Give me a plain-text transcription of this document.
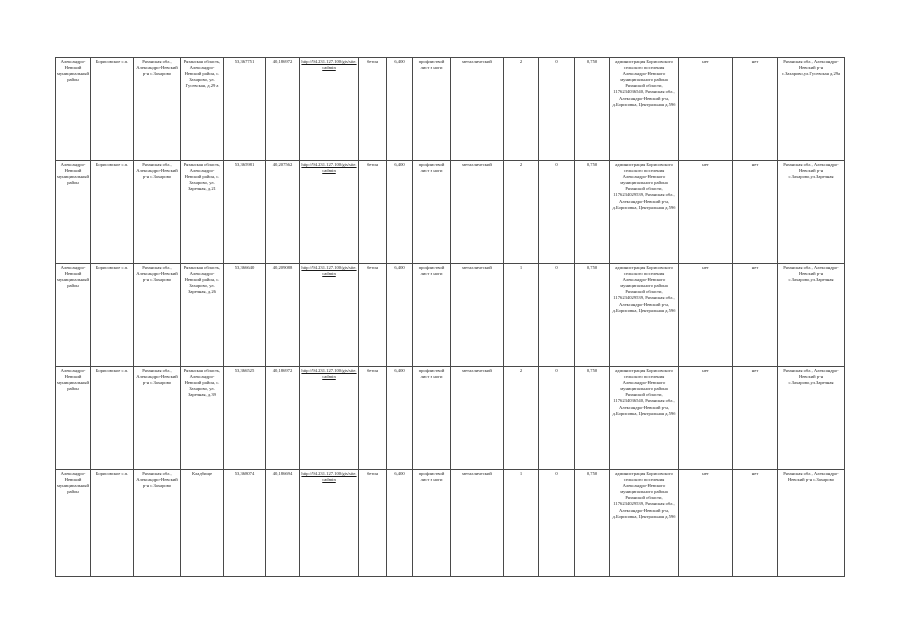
Александро-Невский муниципальный район	Борисовское с.п.	Рязанская обл., Александро-Невский р-н с.Захарово	Рязанская область, Александро-Невский район, с. Захарово, ул. Гусевская, д.29 а	53,367751	40,186972	http://94.231.127.100/gis/site.cadmin	бетон	6,400	профлиствой лист з ноги	металлический	2	0	0,750	администрация Борисовского сельского поселения Александро-Невского муниципального района Рязанской области, 1176234036540, Рязанская обл., Александро-Невский р-н, д.Борисовка, Центральная д.59б	нет	нет	Рязанская обл., Александро-Невский р-н с.Захарово,ул.Гусевская д.29а
Александро-Невский муниципальный район	Борисовское с.п.	Рязанская обл., Александро-Невский р-н с.Захарово	Рязанская область, Александро-Невский район, с. Захарово, ул. Заречная, д.21	53,365981	40,207562	http://94.231.127.100/gis/site.cadmin	бетон	6,400	профлиствой лист з ноги	металлический	2	0	0,750	администрация Борисовского сельского поселения Александро-Невского муниципального района Рязанской области, 1176234029539, Рязанская обл., Александро-Невский р-н, д.Борисовка, Центральная д.59б	нет	нет	Рязанская обл., Александро-Невский р-н с.Захарово,ул.Заречная
Александро-Невский муниципальный район	Борисовское с.п.	Рязанская обл., Александро-Невский р-н с.Захарово	Рязанская область, Александро-Невский район, с. Захарово, ул. Заречная, д.26	53,366640	40,209088	http://94.231.127.100/gis/site.cadmin	бетон	6,400	профлиствой лист з ноги	металлический	1	0	0,750	администрация Борисовского сельского поселения Александро-Невского муниципального района Рязанской области, 1176234029539, Рязанская обл., Александро-Невский р-н, д.Борисовка, Центральная д.59б	нет	нет	Рязанская обл., Александро-Невский р-н с.Захарово,ул.Заречная
Александро-Невский муниципальный район	Борисовское с.п.	Рязанская обл., Александро-Невский р-н с.Захарово	Рязанская область, Александро-Невский район, с. Захарово, ул. Заречная, д.39	53,366525	40,186972	http://94.231.127.100/gis/site.cadmin	бетон	6,400	профлиствой лист з ноги	металлический	2	0	0,750	администрация Борисовского сельского поселения Александро-Невского муниципального района Рязанской области, 1176234036540, Рязанская обл., Александро-Невский р-н, д.Борисовка, Центральная д.59б	нет	нет	Рязанская обл., Александро-Невский р-н с.Захарово,ул.Заречная
Александро-Невский муниципальный район	Борисовское с.п.	Рязанская обл., Александро-Невский р-н с.Захарово	Кладбище	53,368074	40,186694	http://94.231.127.100/gis/site.cadmin	бетон	6,400	профлиствой лист з ноги	металлический	1	0	0,750	администрация Борисовского сельского поселения Александро-Невского муниципального района Рязанской области, 1176234029539, Рязанская обл., Александро-Невский р-н, д.Борисовка, Центральная д.59б	нет	нет	Рязанская обл., Александро-Невский р-н с.Захарово
